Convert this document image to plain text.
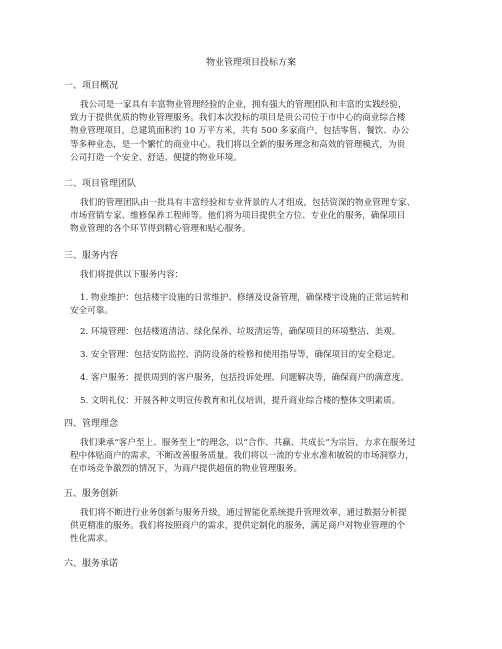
物业管理项目投标方案
一、项目概况
我公司是一家具有丰富物业管理经验的企业，拥有强大的管理团队和丰富的实践经验，
致力于提供优质的物业管理服务。我们本次投标的项目是贵公司位于市中心的商业综合楼
物业管理项目，总建筑面积约 10 万平方米，共有 500 多家商户，包括零售、餐饮、办公
等多种业态，是一个繁忙的商业中心。我们将以全新的服务理念和高效的管理模式，为贵
公司打造一个安全、舒适、便捷的物业环境。
二、项目管理团队
我们的管理团队由一批具有丰富经验和专业背景的人才组成，包括资深的物业管理专家、
市场营销专家、维修保养工程师等。他们将为项目提供全方位、专业化的服务，确保项目
物业管理的各个环节得到精心管理和贴心服务。
三、服务内容
我们将提供以下服务内容：
1. 物业维护：包括楼宇设施的日常维护、修缮及设备管理，确保楼宇设施的正常运转和
安全可靠。
2. 环境管理：包括楼道清洁、绿化保养、垃圾清运等，确保项目的环境整洁、美观。
3. 安全管理：包括安防监控、消防设备的检修和使用指导等，确保项目的安全稳定。
4. 客户服务：提供周到的客户服务，包括投诉处理、问题解决等，确保商户的满意度。
5. 文明礼仪：开展各种文明宣传教育和礼仪培训，提升商业综合楼的整体文明素质。
四、管理理念
我们秉承“客户至上、服务至上”的理念，以“合作、共赢、共成长”为宗旨，力求在服务过
程中体贴商户的需求，不断改善服务质量。我们将以一流的专业水准和敏锐的市场洞察力，
在市场竞争激烈的情况下，为商户提供超值的物业管理服务。
五、服务创新
我们将不断进行业务创新与服务升级，通过智能化系统提升管理效率，通过数据分析提
供更精准的服务。我们将按照商户的需求，提供定制化的服务，满足商户对物业管理的个
性化需求。
六、服务承诺
